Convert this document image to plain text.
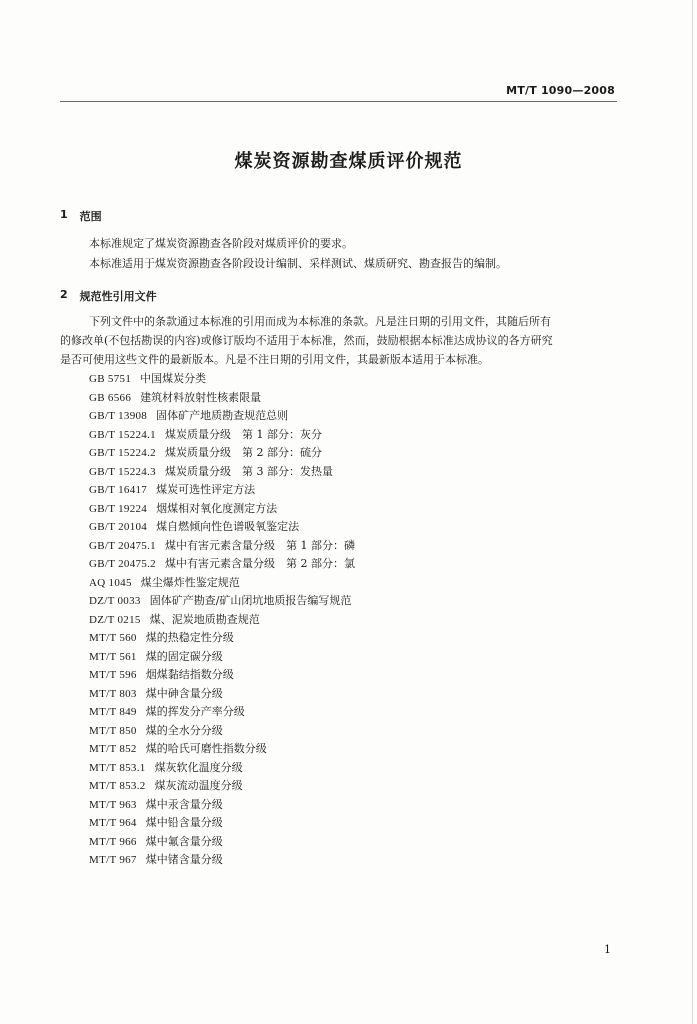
MT/T 1090—2008
煤炭资源勘查煤质评价规范
1 范围
本标准规定了煤炭资源勘查各阶段对煤质评价的要求。
本标准适用于煤炭资源勘查各阶段设计编制、采样测试、煤质研究、勘查报告的编制。
2 规范性引用文件
下列文件中的条款通过本标准的引用而成为本标准的条款。凡是注日期的引用文件，其随后所有
的修改单(不包括勘误的内容)或修订版均不适用于本标准，然而，鼓励根据本标准达成协议的各方研究
是否可使用这些文件的最新版本。凡是不注日期的引用文件，其最新版本适用于本标准。
GB 5751 中国煤炭分类
GB 6566 建筑材料放射性核素限量
GB/T 13908 固体矿产地质勘查规范总则
GB/T 15224.1 煤炭质量分级　第 1 部分：灰分
GB/T 15224.2 煤炭质量分级　第 2 部分：硫分
GB/T 15224.3 煤炭质量分级　第 3 部分：发热量
GB/T 16417 煤炭可选性评定方法
GB/T 19224 烟煤相对氧化度测定方法
GB/T 20104 煤自燃倾向性色谱吸氧鉴定法
GB/T 20475.1 煤中有害元素含量分级　第 1 部分：磷
GB/T 20475.2 煤中有害元素含量分级　第 2 部分：氯
AQ 1045 煤尘爆炸性鉴定规范
DZ/T 0033 固体矿产勘查/矿山闭坑地质报告编写规范
DZ/T 0215 煤、泥炭地质勘查规范
MT/T 560 煤的热稳定性分级
MT/T 561 煤的固定碳分级
MT/T 596 烟煤黏结指数分级
MT/T 803 煤中砷含量分级
MT/T 849 煤的挥发分产率分级
MT/T 850 煤的全水分分级
MT/T 852 煤的哈氏可磨性指数分级
MT/T 853.1 煤灰软化温度分级
MT/T 853.2 煤灰流动温度分级
MT/T 963 煤中汞含量分级
MT/T 964 煤中铅含量分级
MT/T 966 煤中氟含量分级
MT/T 967 煤中锗含量分级
1
